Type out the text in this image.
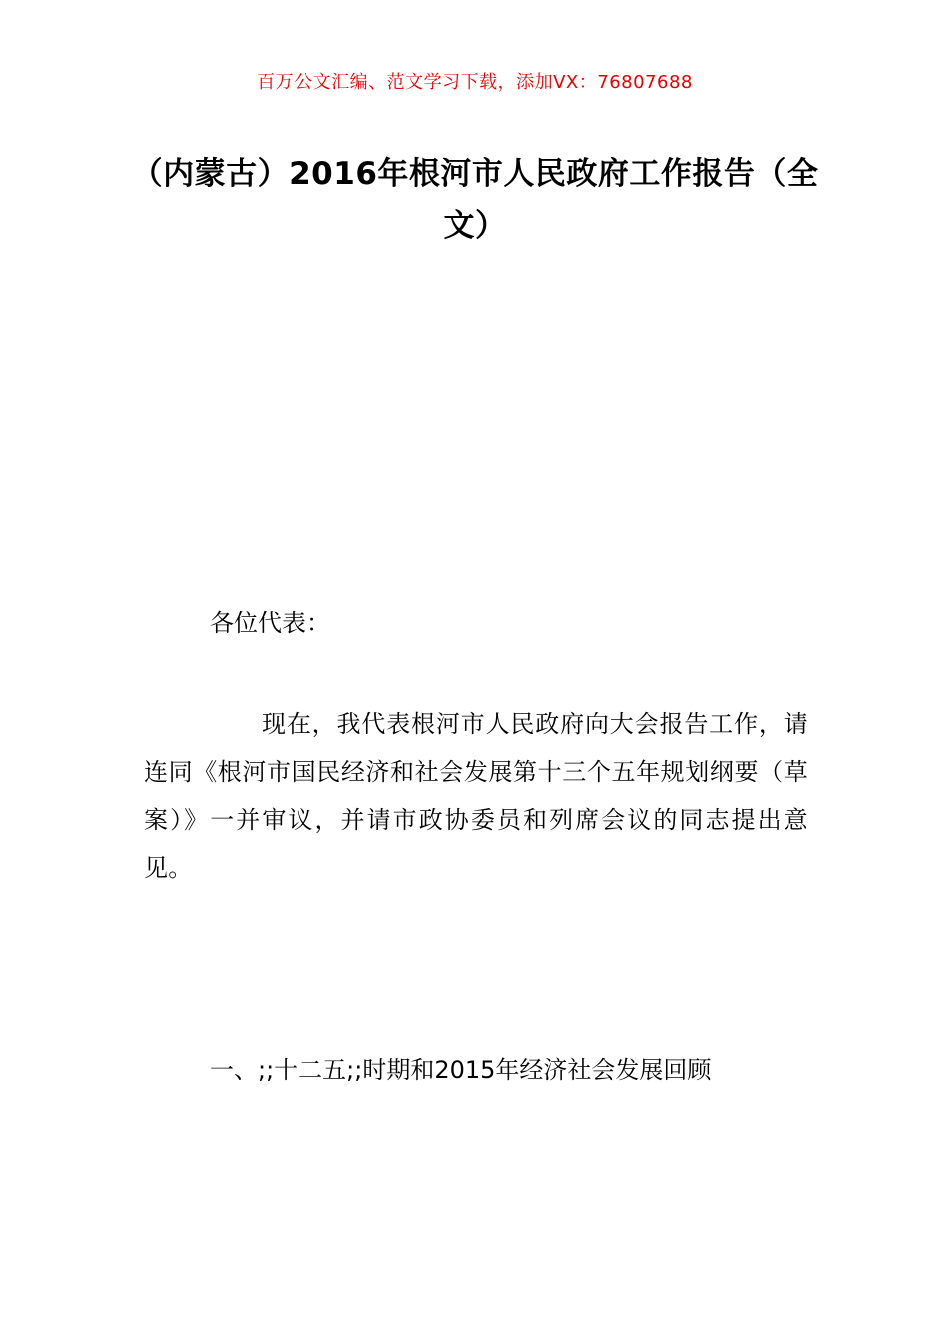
百万公文汇编、范文学习下载，添加VX：76807688
（内蒙古）2016年根河市人民政府工作报告（全文）
各位代表：

现在，我代表根河市人民政府向大会报告工作，请连同《根河市国民经济和社会发展第十三个五年规划纲要（草案）》一并审议，并请市政协委员和列席会议的同志提出意见。

一、;;十二五;;时期和2015年经济社会发展回顾
